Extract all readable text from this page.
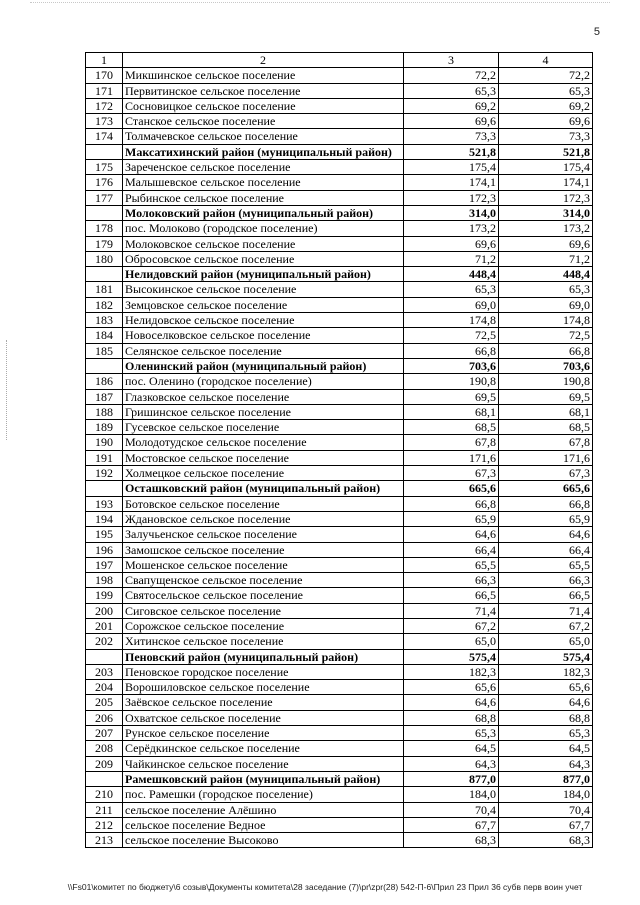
5
1	2	3	4
170	Микшинское сельское поселение	72,2	72,2
171	Первитинское сельское поселение	65,3	65,3
172	Сосновицкое сельское поселение	69,2	69,2
173	Станское сельское поселение	69,6	69,6
174	Толмачевское сельское поселение	73,3	73,3
	Максатихинский район (муниципальный район)	521,8	521,8
175	Зареченское сельское поселение	175,4	175,4
176	Малышевское сельское поселение	174,1	174,1
177	Рыбинское сельское поселение	172,3	172,3
	Молоковский район (муниципальный район)	314,0	314,0
178	пос. Молоково (городское поселение)	173,2	173,2
179	Молоковское сельское поселение	69,6	69,6
180	Обросовское сельское поселение	71,2	71,2
	Нелидовский район (муниципальный район)	448,4	448,4
181	Высокинское сельское поселение	65,3	65,3
182	Земцовское сельское поселение	69,0	69,0
183	Нелидовское сельское поселение	174,8	174,8
184	Новоселковское сельское поселение	72,5	72,5
185	Селянское сельское поселение	66,8	66,8
	Оленинский район (муниципальный район)	703,6	703,6
186	пос. Оленино (городское поселение)	190,8	190,8
187	Глазковское сельское поселение	69,5	69,5
188	Гришинское сельское поселение	68,1	68,1
189	Гусевское сельское поселение	68,5	68,5
190	Молодотудское сельское поселение	67,8	67,8
191	Мостовское сельское поселение	171,6	171,6
192	Холмецкое сельское поселение	67,3	67,3
	Осташковский район (муниципальный район)	665,6	665,6
193	Ботовское сельское поселение	66,8	66,8
194	Ждановское сельское поселение	65,9	65,9
195	Залучьенское сельское поселение	64,6	64,6
196	Замошское сельское поселение	66,4	66,4
197	Мошенское сельское поселение	65,5	65,5
198	Свапущенское сельское поселение	66,3	66,3
199	Святосельское сельское поселение	66,5	66,5
200	Сиговское сельское поселение	71,4	71,4
201	Сорожское сельское поселение	67,2	67,2
202	Хитинское сельское поселение	65,0	65,0
	Пеновский район (муниципальный район)	575,4	575,4
203	Пеновское городское поселение	182,3	182,3
204	Ворошиловское сельское поселение	65,6	65,6
205	Заёвское сельское поселение	64,6	64,6
206	Охватское сельское поселение	68,8	68,8
207	Рунское сельское поселение	65,3	65,3
208	Серёдкинское сельское поселение	64,5	64,5
209	Чайкинское сельское поселение	64,3	64,3
	Рамешковский район (муниципальный район)	877,0	877,0
210	пос. Рамешки (городское поселение)	184,0	184,0
211	сельское поселение Алёшино	70,4	70,4
212	сельское поселение Ведное	67,7	67,7
213	сельское поселение Высоково	68,3	68,3
\\Fs01\комитет по бюджету\6 созыв\Документы комитета\28 заседание (7)\pr\zpr(28) 542-П-6\Прил 23 Прил 36 субв перв воин учет
